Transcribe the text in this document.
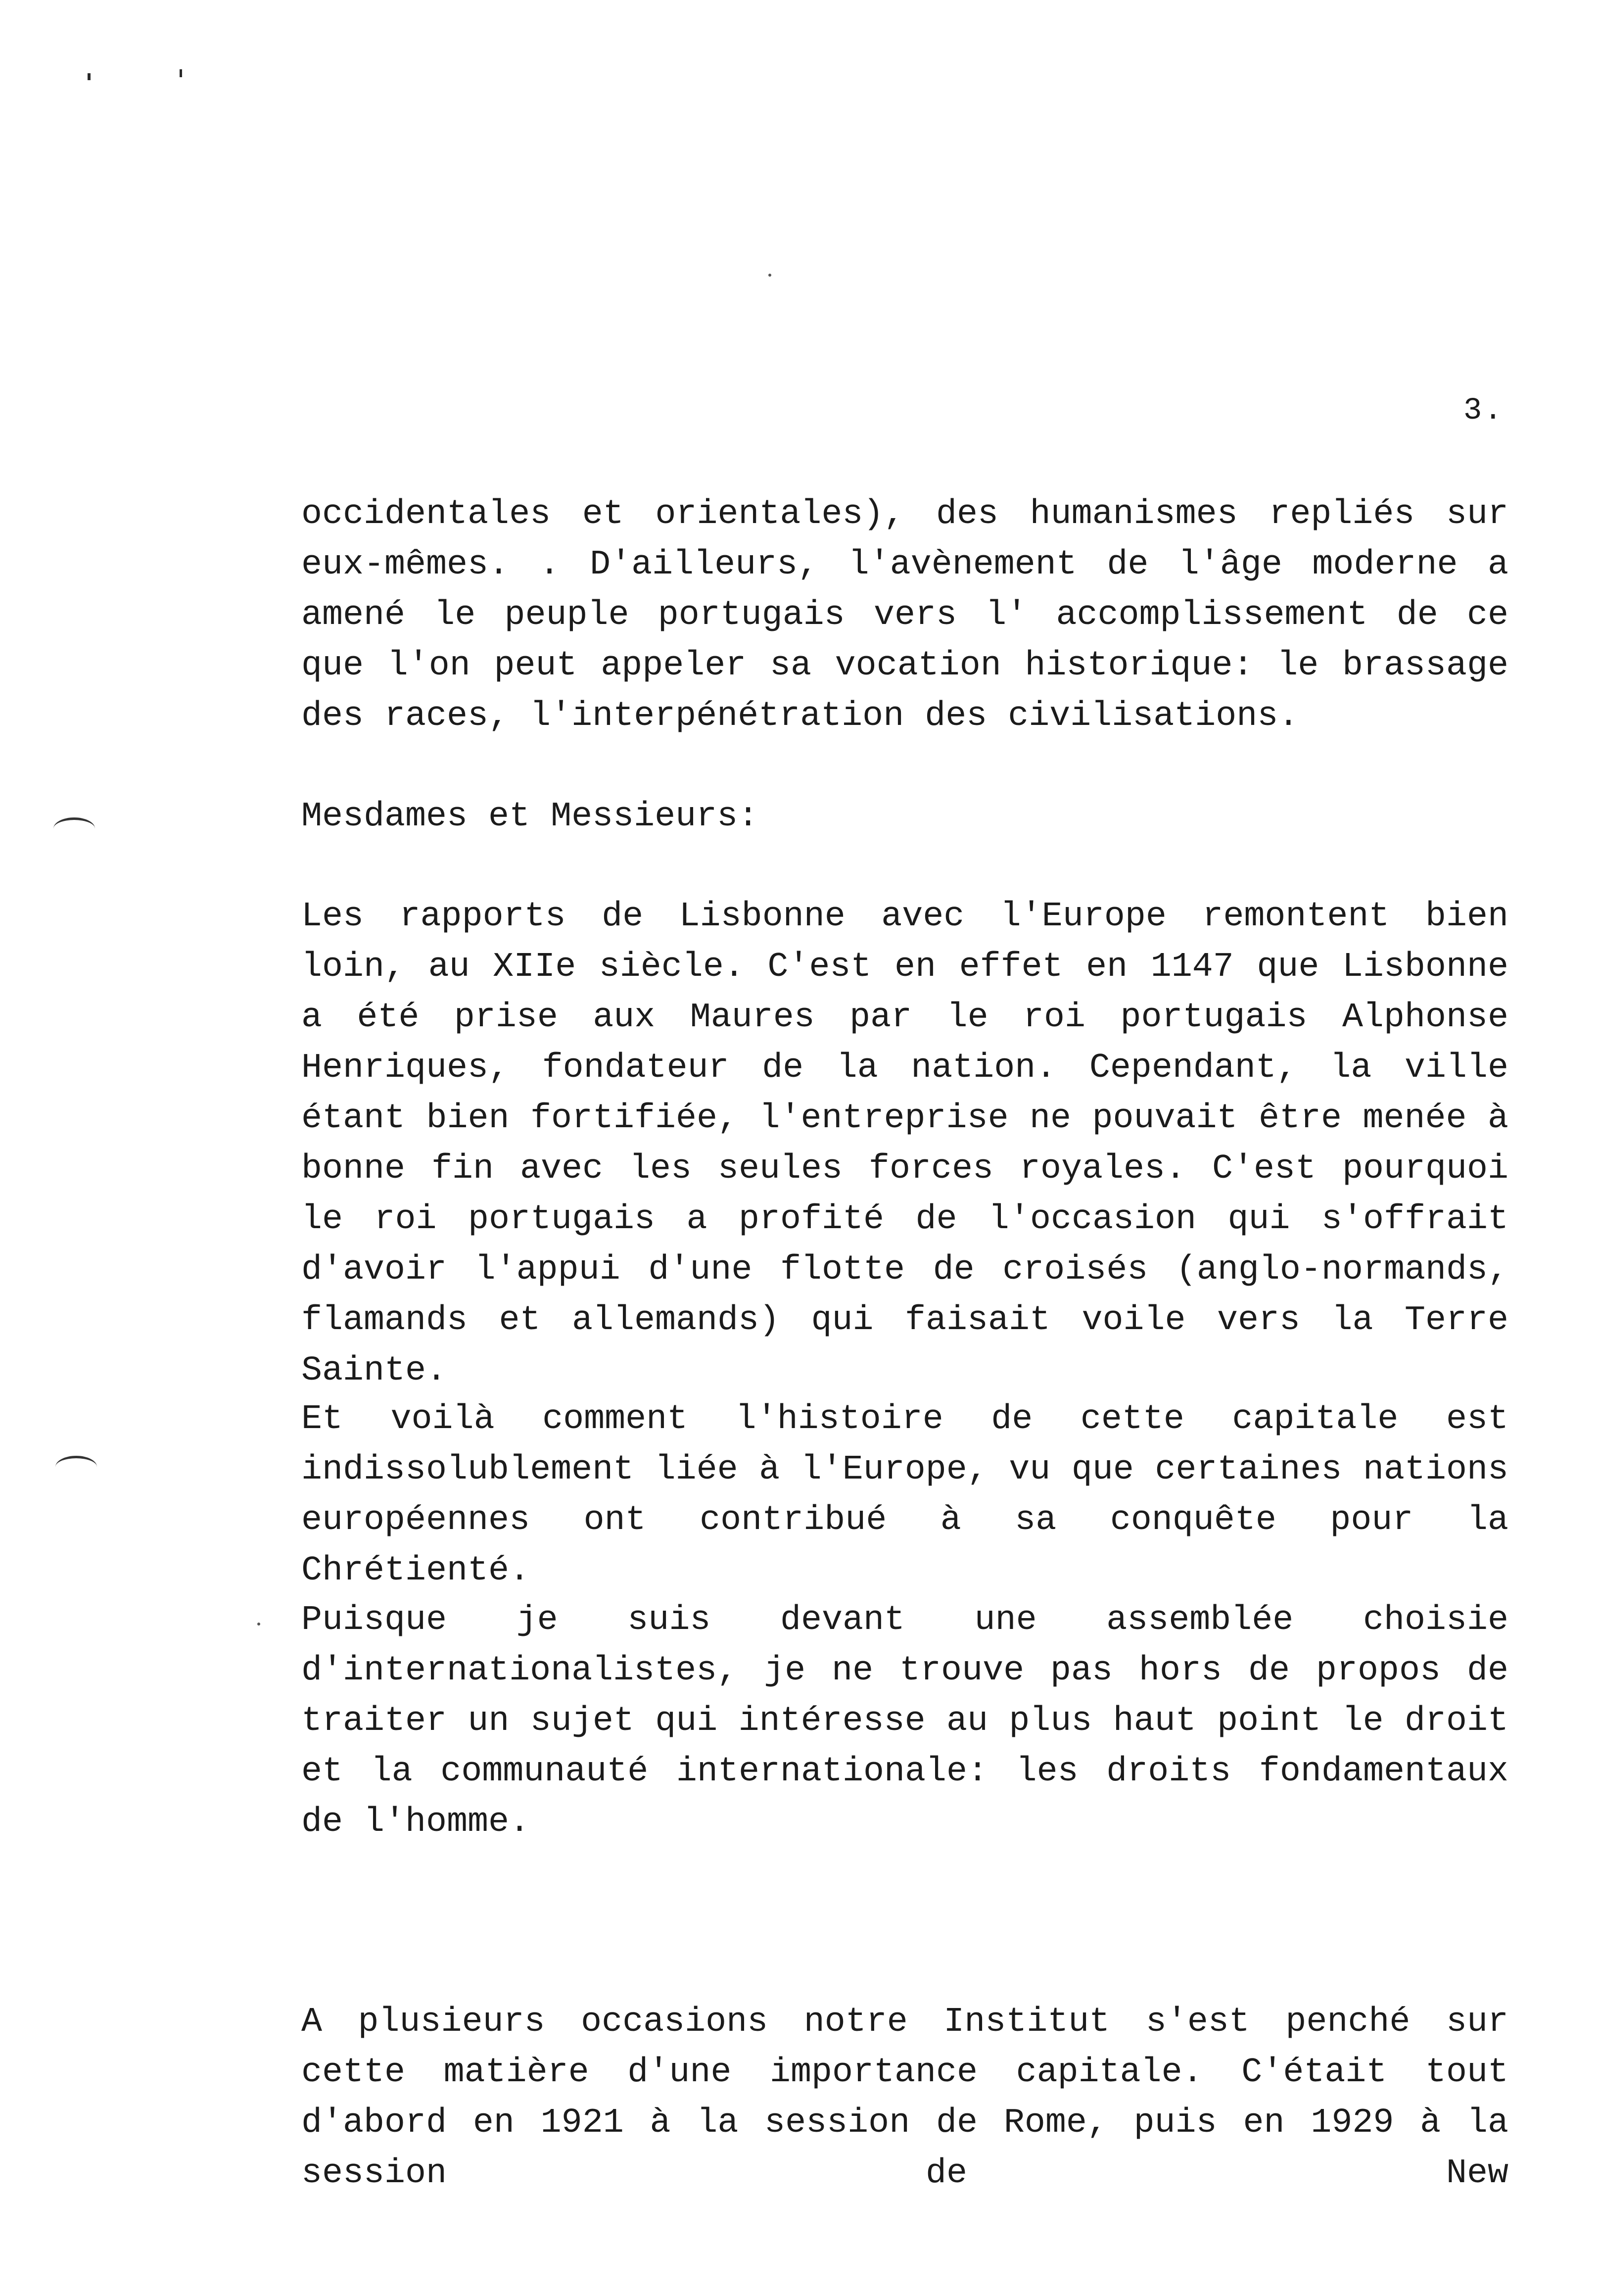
3.

occidentales et orientales), des humanismes repliés sur eux-mêmes. . D'ailleurs, l'avènement de l'âge moderne a amené le peuple portugais vers l' accomplissement de ce que l'on peut appeler sa vocation historique: le brassage des races, l'interpénétration des civilisations.

Mesdames et Messieurs:

Les rapports de Lisbonne avec l'Europe remontent bien loin, au XIIe siècle. C'est en effet en 1147 que Lisbonne a été prise aux Maures par le roi portugais Alphonse Henriques, fondateur de la nation. Cependant, la ville étant bien fortifiée, l'entreprise ne pouvait être menée à bonne fin avec les seules forces royales. C'est pourquoi le roi portugais a profité de l'occasion qui s'offrait d'avoir l'appui d'une flotte de croisés (anglo-normands, flamands et allemands) qui faisait voile vers la Terre Sainte.

Et voilà comment l'histoire de cette capitale est indissolublement liée à l'Europe, vu que certaines nations européennes ont contribué à sa conquête pour la Chrétienté.

Puisque je suis devant une assemblée choisie d'internationalistes, je ne trouve pas hors de propos de traiter un sujet qui intéresse au plus haut point le droit et la communauté internationale: les droits fondamentaux de l'homme.

A plusieurs occasions notre Institut s'est penché sur cette matière d'une importance capitale. C'était tout d'abord en 1921 à la session de Rome, puis en 1929 à la session de New
